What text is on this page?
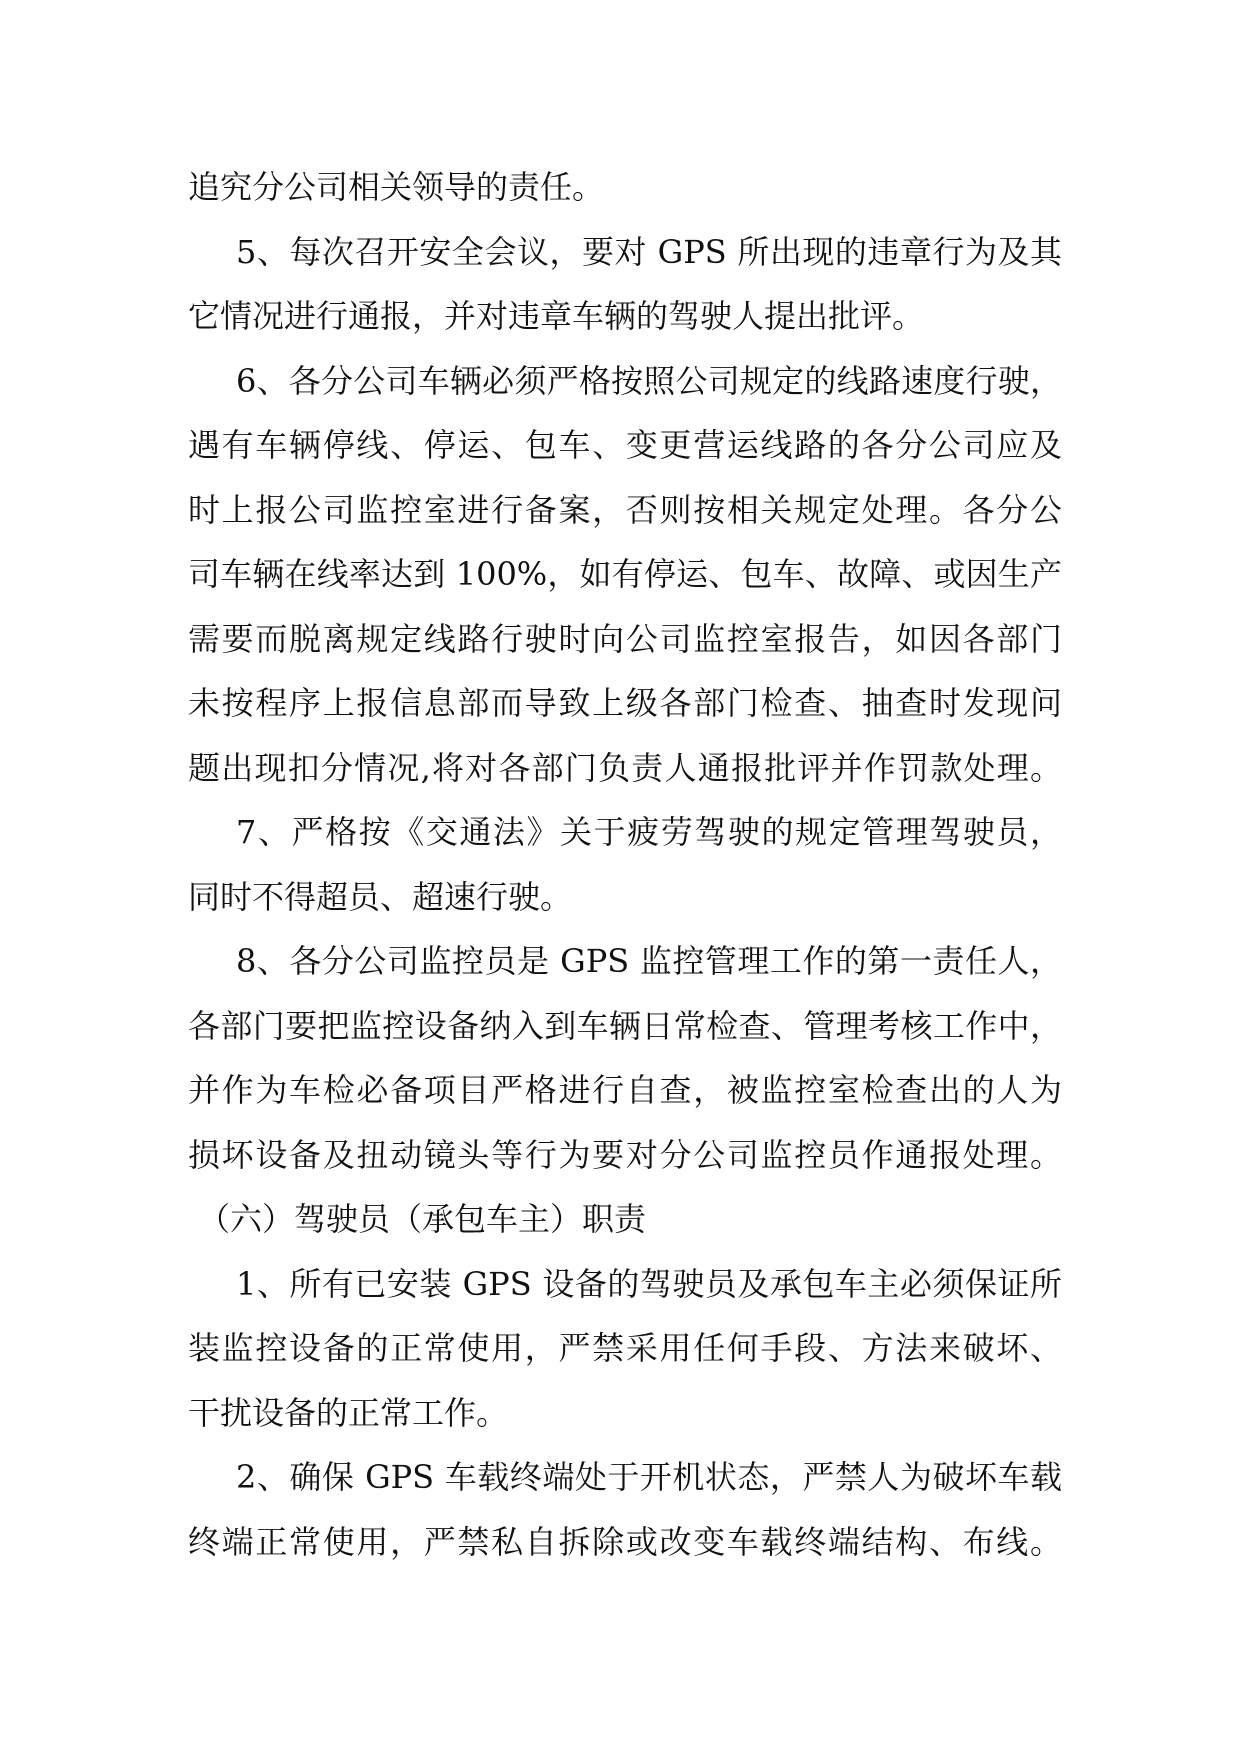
追究分公司相关领导的责任。
5、每次召开安全会议，要对 GPS 所出现的违章行为及其
它情况进行通报，并对违章车辆的驾驶人提出批评。
6、各分公司车辆必须严格按照公司规定的线路速度行驶，
遇有车辆停线、停运、包车、变更营运线路的各分公司应及
时上报公司监控室进行备案，否则按相关规定处理。各分公
司车辆在线率达到 100%，如有停运、包车、故障、或因生产
需要而脱离规定线路行驶时向公司监控室报告，如因各部门
未按程序上报信息部而导致上级各部门检查、抽查时发现问
题出现扣分情况,将对各部门负责人通报批评并作罚款处理。
7、严格按《交通法》关于疲劳驾驶的规定管理驾驶员，
同时不得超员、超速行驶。
8、各分公司监控员是 GPS 监控管理工作的第一责任人，
各部门要把监控设备纳入到车辆日常检查、管理考核工作中，
并作为车检必备项目严格进行自查，被监控室检查出的人为
损坏设备及扭动镜头等行为要对分公司监控员作通报处理。
（六）驾驶员（承包车主）职责
1、所有已安装 GPS 设备的驾驶员及承包车主必须保证所
装监控设备的正常使用，严禁采用任何手段、方法来破坏、
干扰设备的正常工作。
2、确保 GPS 车载终端处于开机状态，严禁人为破坏车载
终端正常使用，严禁私自拆除或改变车载终端结构、布线。
